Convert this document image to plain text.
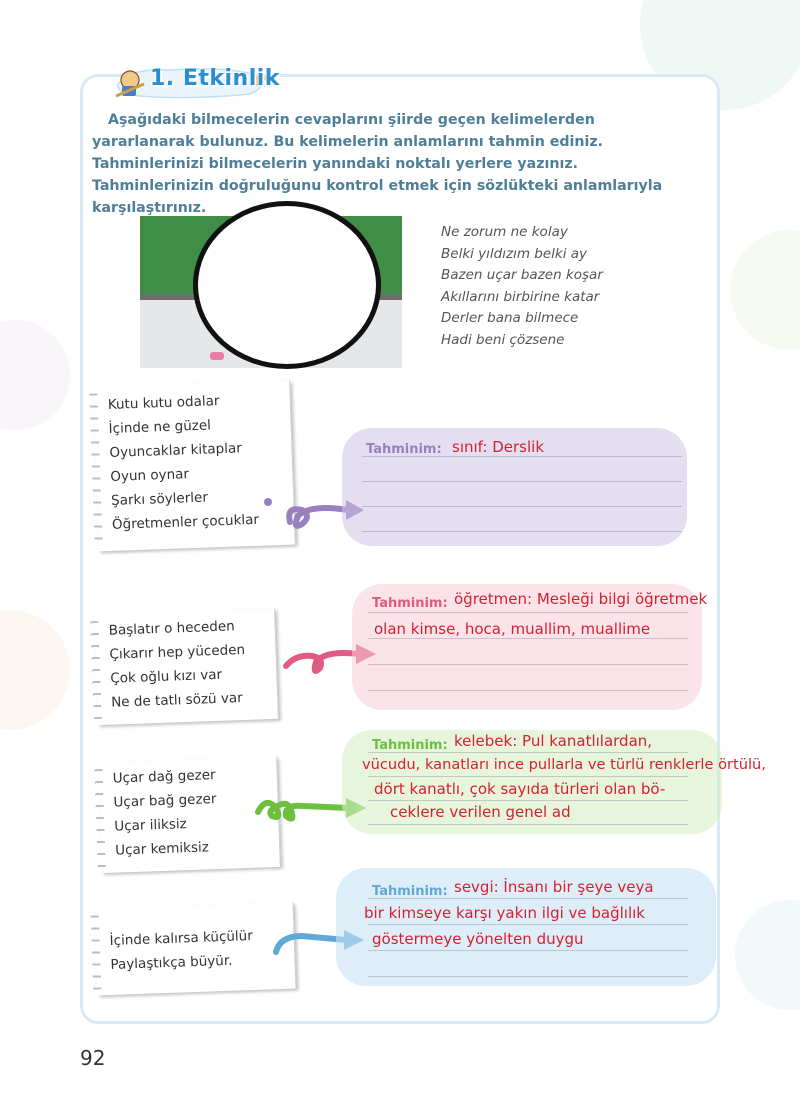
1. Etkinlik

Aşağıdaki bilmecelerin cevaplarını şiirde geçen kelimelerden yararlanarak bulunuz. Bu kelimelerin anlamlarını tahmin ediniz. Tahminlerinizi bilmecelerin yanındaki noktalı yerlere yazınız. Tahminlerinizin doğruluğunu kontrol etmek için sözlükteki anlamlarıyla karşılaştırınız.

Ne zorum ne kolay
Belki yıldızım belki ay
Bazen uçar bazen koşar
Akıllarını birbirine katar
Derler bana bilmece
Hadi beni çözsene
Kutu kutu odalar
İçinde ne güzel
Oyuncaklar kitaplar
Oyun oynar
Şarkı söylerler
Öğretmenler çocuklar
Tahminim: sınıf: Derslik
Başlatır o heceden
Çıkarır hep yüceden
Çok oğlu kızı var
Ne de tatlı sözü var
Tahminim: öğretmen: Mesleği bilgi öğretmek
olan kimse, hoca, muallim, muallime
Uçar dağ gezer
Uçar bağ gezer
Uçar iliksiz
Uçar kemiksiz
Tahminim: kelebek: Pul kanatlılardan,
vücudu, kanatları ince pullarla ve türlü renklerle örtülü,
dört kanatlı, çok sayıda türleri olan bö-
ceklere verilen genel ad
İçinde kalırsa küçülür
Paylaştıkça büyür.
Tahminim: sevgi: İnsanı bir şeye veya
bir kimseye karşı yakın ilgi ve bağlılık
göstermeye yönelten duygu
92
